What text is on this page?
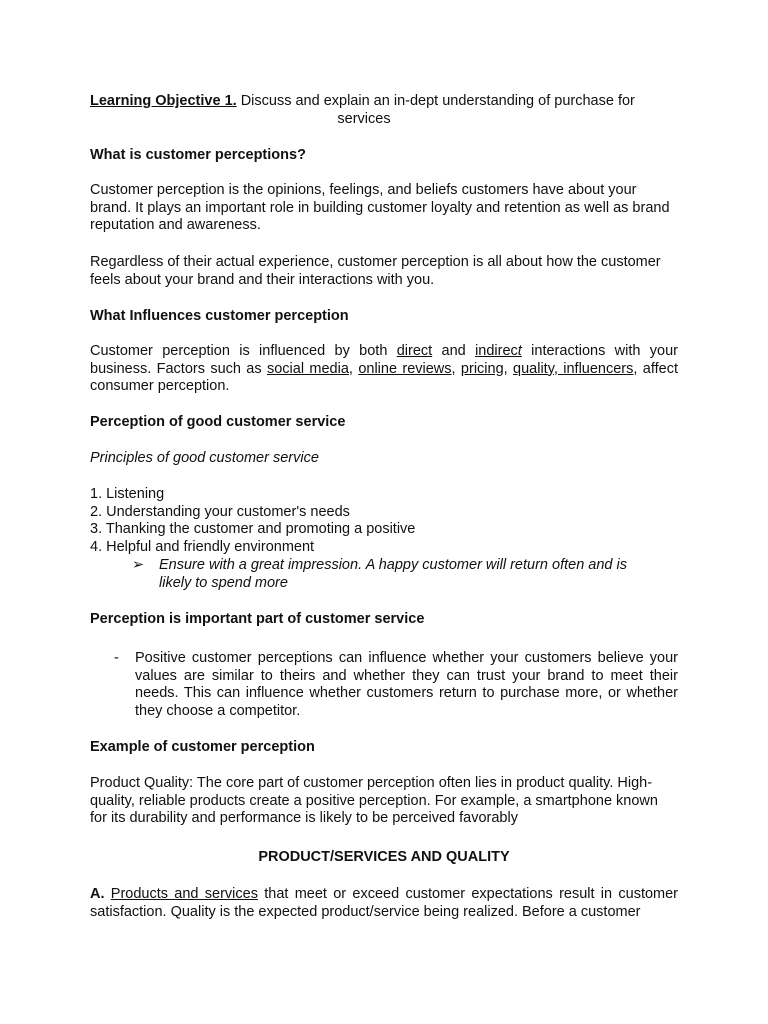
Learning Objective 1. Discuss and explain an in-dept understanding of purchase for
services
What is customer perceptions?

Customer perception is the opinions, feelings, and beliefs customers have about your brand. It plays an important role in building customer loyalty and retention as well as brand reputation and awareness.

Regardless of their actual experience, customer perception is all about how the customer feels about your brand and their interactions with you.

What Influences customer perception

Customer perception is influenced by both direct and indirect interactions with your business. Factors such as social media, online reviews, pricing, quality, influencers, affect consumer perception.

Perception of good customer service
Principles of good customer service
1. Listening
2. Understanding your customer's needs
3. Thanking the customer and promoting a positive
4. Helpful and friendly environment
➢	Ensure with a great impression. A happy customer will return often and is likely to spend more
Perception is important part of customer service
- Positive customer perceptions can influence whether your customers believe your values are similar to theirs and whether they can trust your brand to meet their needs. This can influence whether customers return to purchase more, or whether they choose a competitor.
Example of customer perception

Product Quality: The core part of customer perception often lies in product quality. High-quality, reliable products create a positive perception. For example, a smartphone known for its durability and performance is likely to be perceived favorably

PRODUCT/SERVICES AND QUALITY

A. Products and services that meet or exceed customer expectations result in customer satisfaction. Quality is the expected product/service being realized. Before a customer
